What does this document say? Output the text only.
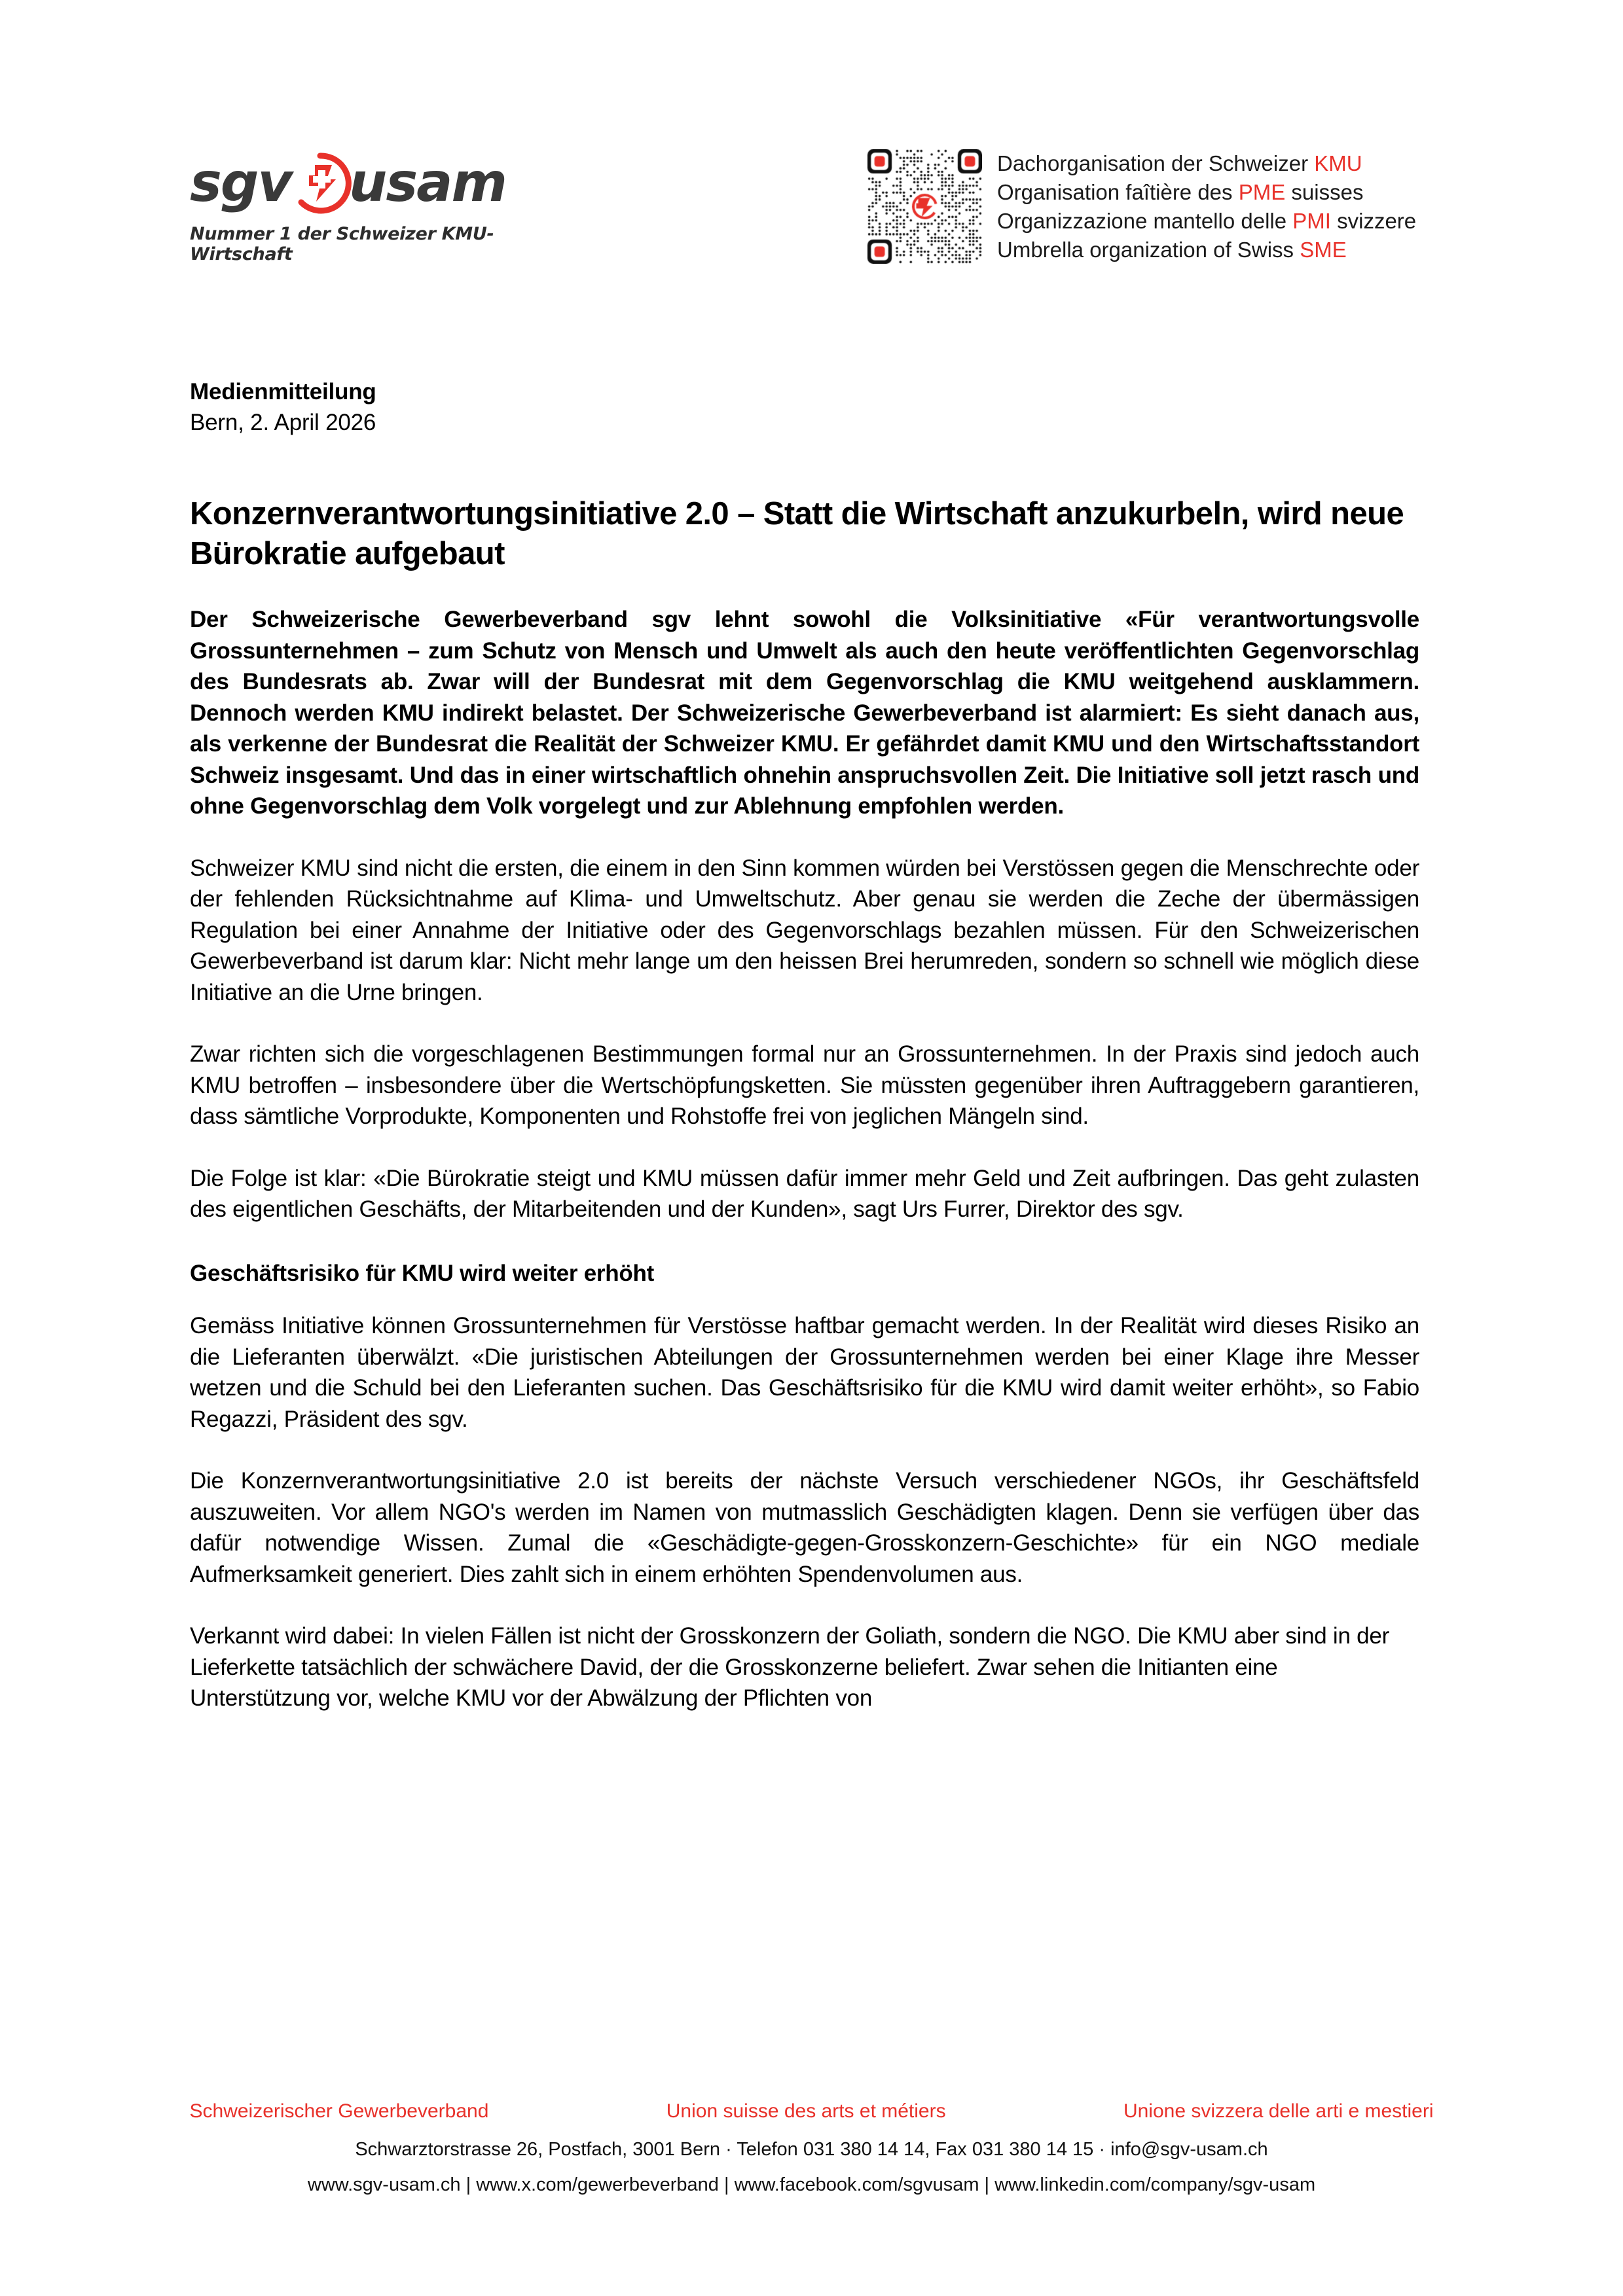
sgv usam
Nummer 1 der Schweizer KMU-Wirtschaft
Dachorganisation der Schweizer KMU
Organisation faîtière des PME suisses
Organizzazione mantello delle PMI svizzere
Umbrella organization of Swiss SME
Medienmitteilung
Bern, 2. April 2026
Konzernverantwortungsinitiative 2.0 – Statt die Wirtschaft anzukurbeln, wird neue Bürokratie aufgebaut

Der Schweizerische Gewerbeverband sgv lehnt sowohl die Volksinitiative «Für verantwortungsvolle Grossunternehmen – zum Schutz von Mensch und Umwelt als auch den heute veröffentlichten Gegenvorschlag des Bundesrats ab. Zwar will der Bundesrat mit dem Gegenvorschlag die KMU weitgehend ausklammern. Dennoch werden KMU indirekt belastet. Der Schweizerische Gewerbeverband ist alarmiert: Es sieht danach aus, als verkenne der Bundesrat die Realität der Schweizer KMU. Er gefährdet damit KMU und den Wirtschaftsstandort Schweiz insgesamt. Und das in einer wirtschaftlich ohnehin anspruchsvollen Zeit. Die Initiative soll jetzt rasch und ohne Gegenvorschlag dem Volk vorgelegt und zur Ablehnung empfohlen werden.

Schweizer KMU sind nicht die ersten, die einem in den Sinn kommen würden bei Verstössen gegen die Menschrechte oder der fehlenden Rücksichtnahme auf Klima- und Umweltschutz. Aber genau sie werden die Zeche der übermässigen Regulation bei einer Annahme der Initiative oder des Gegenvorschlags bezahlen müssen. Für den Schweizerischen Gewerbeverband ist darum klar: Nicht mehr lange um den heissen Brei herumreden, sondern so schnell wie möglich diese Initiative an die Urne bringen.

Zwar richten sich die vorgeschlagenen Bestimmungen formal nur an Grossunternehmen. In der Praxis sind jedoch auch KMU betroffen – insbesondere über die Wertschöpfungsketten. Sie müssten gegenüber ihren Auftraggebern garantieren, dass sämtliche Vorprodukte, Komponenten und Rohstoffe frei von jeglichen Mängeln sind.

Die Folge ist klar: «Die Bürokratie steigt und KMU müssen dafür immer mehr Geld und Zeit aufbringen. Das geht zulasten des eigentlichen Geschäfts, der Mitarbeitenden und der Kunden», sagt Urs Furrer, Direktor des sgv.

Geschäftsrisiko für KMU wird weiter erhöht

Gemäss Initiative können Grossunternehmen für Verstösse haftbar gemacht werden. In der Realität wird dieses Risiko an die Lieferanten überwälzt. «Die juristischen Abteilungen der Grossunternehmen werden bei einer Klage ihre Messer wetzen und die Schuld bei den Lieferanten suchen. Das Geschäftsrisiko für die KMU wird damit weiter erhöht», so Fabio Regazzi, Präsident des sgv.

Die Konzernverantwortungsinitiative 2.0 ist bereits der nächste Versuch verschiedener NGOs, ihr Geschäftsfeld auszuweiten. Vor allem NGO's werden im Namen von mutmasslich Geschädigten klagen. Denn sie verfügen über das dafür notwendige Wissen. Zumal die «Geschädigte-gegen-Grosskonzern-Geschichte» für ein NGO mediale Aufmerksamkeit generiert. Dies zahlt sich in einem erhöhten Spendenvolumen aus.

Verkannt wird dabei: In vielen Fällen ist nicht der Grosskonzern der Goliath, sondern die NGO. Die KMU aber sind in der Lieferkette tatsächlich der schwächere David, der die Grosskonzerne beliefert. Zwar sehen die Initianten eine Unterstützung vor, welche KMU vor der Abwälzung der Pflichten von

Schweizerischer Gewerbeverband	Union suisse des arts et métiers	Unione svizzera delle arti e mestieri
Schwarztorstrasse 26, Postfach, 3001 Bern · Telefon 031 380 14 14, Fax 031 380 14 15 · info@sgv-usam.ch
www.sgv-usam.ch | www.x.com/gewerbeverband | www.facebook.com/sgvusam | www.linkedin.com/company/sgv-usam
